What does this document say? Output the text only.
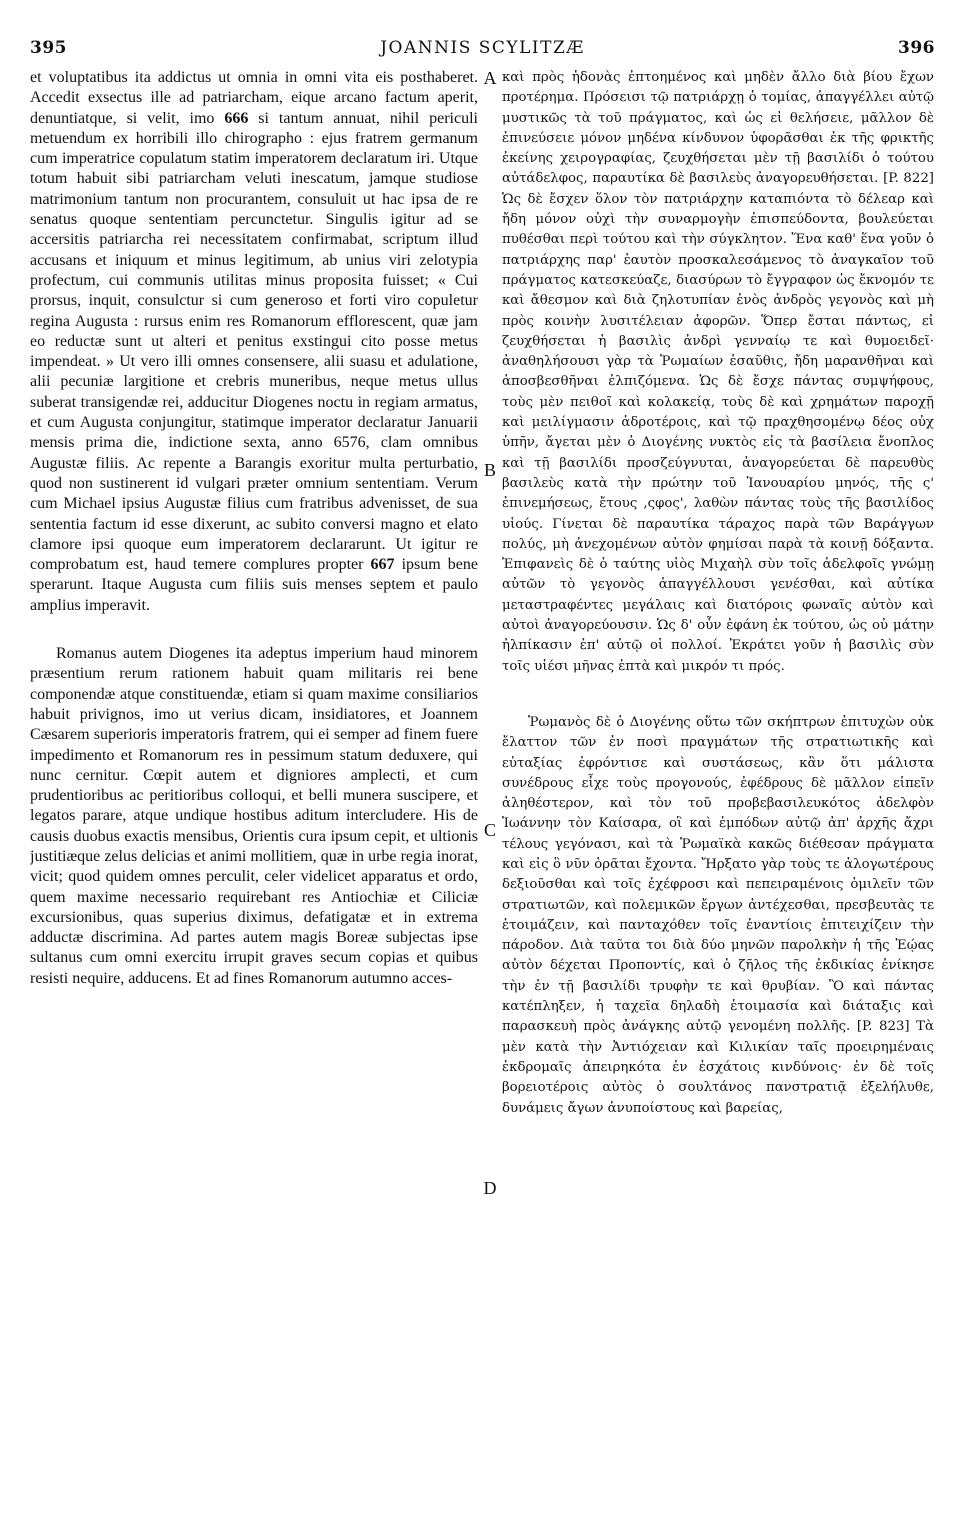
395	JOANNIS SCYLITZÆ	396

et voluptatibus ita addictus ut omnia in omni vita eis posthaberet. Accedit exsectus ille ad patriarcham, eique arcano factum aperit, denuntiatque, si velit, imo 666 si tantum annuat, nihil periculi metuendum ex horribili illo chirographo : ejus fratrem germanum cum imperatrice copulatum statim imperatorem declaratum iri. Utque totum habuit sibi patriarcham veluti inescatum, jamque studiose matrimonium tantum non procurantem, consuluit ut hac ipsa de re senatus quoque sententiam percunctetur. Singulis igitur ad se accersitis patriarcha rei necessitatem confirmabat, scriptum illud accusans et iniquum et minus legitimum, ab unius viri zelotypia profectum, cui communis utilitas minus proposita fuisset; « Cui prorsus, inquit, consulctur si cum generoso et forti viro copuletur regina Augusta : rursus enim res Romanorum efflorescent, quæ jam eo reductæ sunt ut alteri et penitus exstingui cito posse metus impendeat. » Ut vero illi omnes consensere, alii suasu et adulatione, alii pecuniæ largitione et crebris muneribus, neque metus ullus suberat transigendæ rei, adducitur Diogenes noctu in regiam armatus, et cum Augusta conjungitur, statimque imperator declaratur Januarii mensis prima die, indictione sexta, anno 6576, clam omnibus Augustæ filiis. Ac repente a Barangis exoritur multa perturbatio, quod non sustinerent id vulgari præter omnium sententiam. Verum cum Michael ipsius Augustæ filius cum fratribus advenisset, de sua sententia factum id esse dixerunt, ac subito conversi magno et elato clamore ipsi quoque eum imperatorem declararunt. Ut igitur re comprobatum est, haud temere complures propter 667 ipsum bene sperarunt. Itaque Augusta cum filiis suis menses septem et paulo amplius imperavit.

Romanus autem Diogenes ita adeptus imperium haud minorem præsentium rerum rationem habuit quam militaris rei bene componendæ atque constituendæ, etiam si quam maxime consiliarios habuit privignos, imo ut verius dicam, insidiatores, et Joannem Cæsarem superioris imperatoris fratrem, qui ei semper ad finem fuere impedimento et Romanorum res in pessimum statum deduxere, qui nunc cernitur. Cœpit autem et digniores amplecti, et cum prudentioribus ac peritioribus colloqui, et belli munera suscipere, et legatos parare, atque undique hostibus aditum intercludere. His de causis duobus exactis mensibus, Orientis cura ipsum cepit, et ultionis justitiæque zelus delicias et animi mollitiem, quæ in urbe regia inorat, vicit; quod quidem omnes perculit, celer videlicet apparatus et ordo, quem maxime necessario requirebant res Antiochiæ et Ciliciæ excursionibus, quas superius diximus, defatigatæ et in extrema adductæ discrimina. Ad partes autem magis Boreæ subjectas ipse sultanus cum omni exercitu irrupit graves secum copias et quibus resisti nequire, adducens. Et ad fines Romanorum autumno acces-

A
B
C
D

καὶ πρὸς ἡδονὰς ἐπτοημένος καὶ μηδὲν ἄλλο διὰ βίου ἔχων προτέρημα. Πρόσεισι τῷ πατριάρχῃ ὁ τομίας, ἀπαγγέλλει αὐτῷ μυστικῶς τὰ τοῦ πράγματος, καὶ ὡς εἰ θελήσειε, μᾶλλον δὲ ἐπινεύσειε μόνον μηδένα κίνδυνον ὑφορᾶσθαι ἐκ τῆς φρικτῆς ἐκείνης χειρογραφίας, ζευχθήσεται μὲν τῇ βασιλίδι ὁ τούτου αὐτάδελφος, παραυτίκα δὲ βασιλεὺς ἀναγορευθήσεται. [P. 822] Ὡς δὲ ἔσχεν ὅλον τὸν πατριάρχην καταπιόντα τὸ δέλεαρ καὶ ἤδη μόνον οὐχὶ τὴν συναρμογὴν ἐπισπεύδοντα, βουλεύεται πυθέσθαι περὶ τούτου καὶ τὴν σύγκλητον. Ἕνα καθ' ἕνα γοῦν ὁ πατριάρχης παρ' ἑαυτὸν προσκαλεσάμενος τὸ ἀναγκαῖον τοῦ πράγματος κατεσκεύαζε, διασύρων τὸ ἔγγραφον ὡς ἔκνομόν τε καὶ ἄθεσμον καὶ διὰ ζηλοτυπίαν ἑνὸς ἀνδρὸς γεγονὸς καὶ μὴ πρὸς κοινὴν λυσιτέλειαν ἀφορῶν. Ὅπερ ἔσται πάντως, εἰ ζευχθήσεται ἡ βασιλὶς ἀνδρὶ γενναίῳ τε καὶ θυμοειδεῖ· ἀναθηλήσουσι γὰρ τὰ Ῥωμαίων ἐσαῦθις, ἤδη μαρανθῆναι καὶ ἀποσβεσθῆναι ἐλπιζόμενα. Ὡς δὲ ἔσχε πάντας συμψήφους, τοὺς μὲν πειθοῖ καὶ κολακείᾳ, τοὺς δὲ καὶ χρημάτων παροχῇ καὶ μειλίγμασιν ἁδροτέροις, καὶ τῷ πραχθησομένῳ δέος οὐχ ὑπῆν, ἄγεται μὲν ὁ Διογένης νυκτὸς εἰς τὰ βασίλεια ἔνοπλος καὶ τῇ βασιλίδι προσζεύγνυται, ἀναγορεύεται δὲ παρευθὺς βασιλεὺς κατὰ τὴν πρώτην τοῦ Ἰανουαρίου μηνός, τῆς ς' ἐπινεμήσεως, ἔτους ,ςφος', λαθὼν πάντας τοὺς τῆς βασιλίδος υἱούς. Γίνεται δὲ παραυτίκα τάραχος παρὰ τῶν Βαράγγων πολύς, μὴ ἀνεχομένων αὐτὸν φημίσαι παρὰ τὰ κοινῇ δόξαντα. Ἐπιφανεὶς δὲ ὁ ταύτης υἱὸς Μιχαὴλ σὺν τοῖς ἀδελφοῖς γνώμῃ αὐτῶν τὸ γεγονὸς ἀπαγγέλλουσι γενέσθαι, καὶ αὐτίκα μεταστραφέντες μεγάλαις καὶ διατόροις φωναῖς αὐτὸν καὶ αὐτοὶ ἀναγορεύουσιν. Ὡς δ' οὖν ἐφάνη ἐκ τούτου, ὡς οὐ μάτην ἠλπίκασιν ἐπ' αὐτῷ οἱ πολλοί. Ἐκράτει γοῦν ἡ βασιλὶς σὺν τοῖς υἱέσι μῆνας ἑπτὰ καὶ μικρόν τι πρός.

Ῥωμανὸς δὲ ὁ Διογένης οὕτω τῶν σκήπτρων ἐπιτυχὼν οὐκ ἔλαττον τῶν ἐν ποσὶ πραγμάτων τῆς στρατιωτικῆς καὶ εὐταξίας ἐφρόντισε καὶ συστάσεως, κἂν ὅτι μάλιστα συνέδρους εἶχε τοὺς προγονούς, ἐφέδρους δὲ μᾶλλον εἰπεῖν ἀληθέστερον, καὶ τὸν τοῦ προβεβασιλευκότος ἀδελφὸν Ἰωάννην τὸν Καίσαρα, οἳ καὶ ἐμπόδων αὐτῷ ἀπ' ἀρχῆς ἄχρι τέλους γεγόνασι, καὶ τὰ Ῥωμαϊκὰ κακῶς διέθεσαν πράγματα καὶ εἰς ὃ νῦν ὁρᾶται ἔχοντα. Ἤρξατο γὰρ τοὺς τε ἀλογωτέρους δεξιοῦσθαι καὶ τοῖς ἐχέφροσι καὶ πεπειραμένοις ὁμιλεῖν τῶν στρατιωτῶν, καὶ πολεμικῶν ἔργων ἀντέχεσθαι, πρεσβευτὰς τε ἑτοιμάζειν, καὶ πανταχόθεν τοῖς ἐναντίοις ἐπιτειχίζειν τὴν πάροδον. Διὰ ταῦτα τοι διὰ δύο μηνῶν παρολκὴν ἡ τῆς Ἑῴας αὐτὸν δέχεται Προποντίς, καὶ ὁ ζῆλος τῆς ἐκδικίας ἐνίκησε τὴν ἐν τῇ βασιλίδι τρυφὴν τε καὶ θρυβίαν. Ὃ καὶ πάντας κατέπληξεν, ἡ ταχεῖα δηλαδὴ ἑτοιμασία καὶ διάταξις καὶ παρασκευὴ πρὸς ἀνάγκης αὐτῷ γενομένη πολλῆς. [P. 823] Τὰ μὲν κατὰ τὴν Ἀντιόχειαν καὶ Κιλικίαν ταῖς προειρημέναις ἐκδρομαῖς ἀπειρηκότα ἐν ἐσχάτοις κινδύνοις· ἐν δὲ τοῖς βορειοτέροις αὐτὸς ὁ σουλτάνος πανστρατιᾷ ἐξελήλυθε, δυνάμεις ἄγων ἀνυποίστους καὶ βαρείας,
